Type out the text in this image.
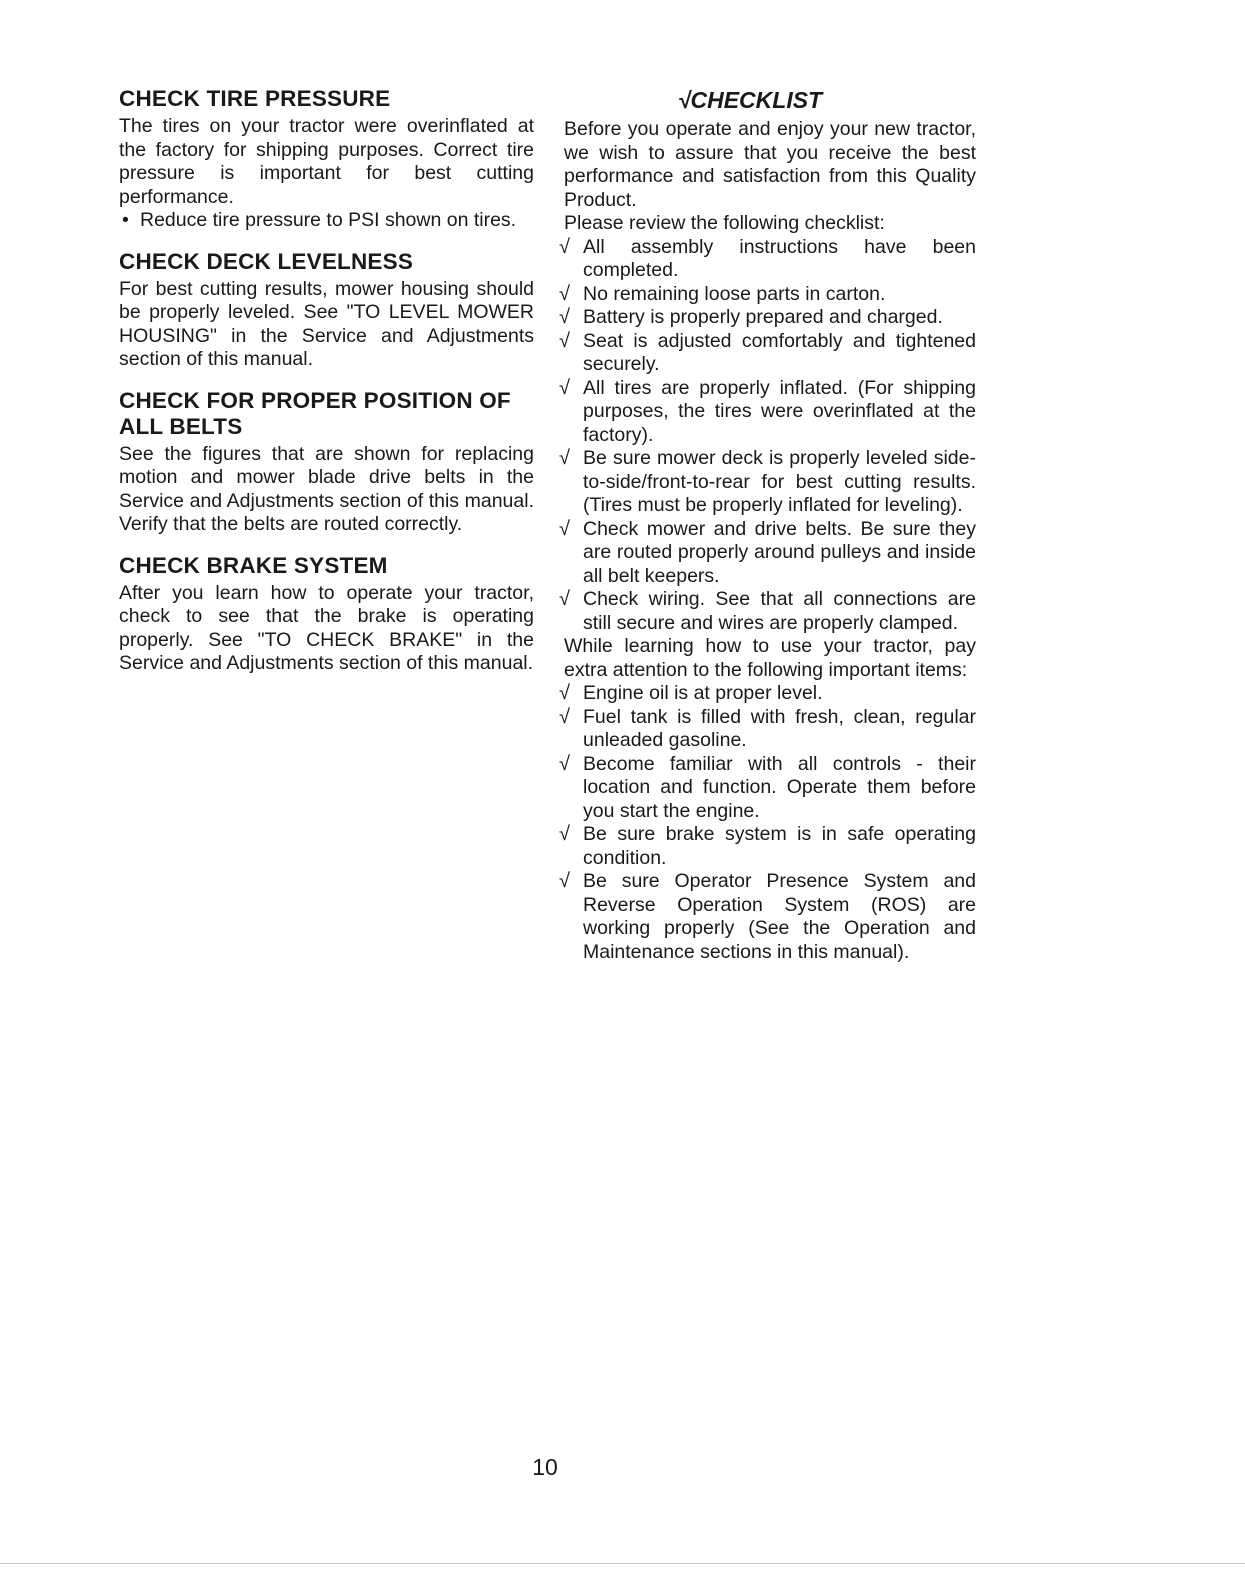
CHECK TIRE PRESSURE

The tires on your tractor were overinflated at the factory for shipping purposes. Correct tire pressure is important for best cutting performance.

• Reduce tire pressure to PSI shown on tires.
CHECK DECK LEVELNESS

For best cutting results, mower housing should be properly leveled. See "TO LEVEL MOWER HOUSING" in the Service and Adjustments section of this manual.

CHECK FOR PROPER POSITION OF ALL BELTS

See the figures that are shown for replacing motion and mower blade drive belts in the Service and Adjustments section of this manual. Verify that the belts are routed correctly.

CHECK BRAKE SYSTEM

After you learn how to operate your tractor, check to see that the brake is operating properly. See "TO CHECK BRAKE" in the Service and Adjustments section of this manual.

√CHECKLIST

Before you operate and enjoy your new tractor, we wish to assure that you receive the best performance and satisfaction from this Quality Product.

Please review the following checklist:

√ All assembly instructions have been completed.
√ No remaining loose parts in carton.
√ Battery is properly prepared and charged.
√ Seat is adjusted comfortably and tightened securely.
√ All tires are properly inflated. (For shipping purposes, the tires were overinflated at the factory).
√ Be sure mower deck is properly leveled side-to-side/front-to-rear for best cutting results. (Tires must be properly inflated for leveling).
√ Check mower and drive belts. Be sure they are routed properly around pulleys and inside all belt keepers.
√ Check wiring. See that all connections are still secure and wires are properly clamped.

While learning how to use your tractor, pay extra attention to the following important items:

√ Engine oil is at proper level.
√ Fuel tank is filled with fresh, clean, regular unleaded gasoline.
√ Become familiar with all controls - their location and function. Operate them before you start the engine.
√ Be sure brake system is in safe operating condition.
√ Be sure Operator Presence System and Reverse Operation System (ROS) are working properly (See the Operation and Maintenance sections in this manual).
10
